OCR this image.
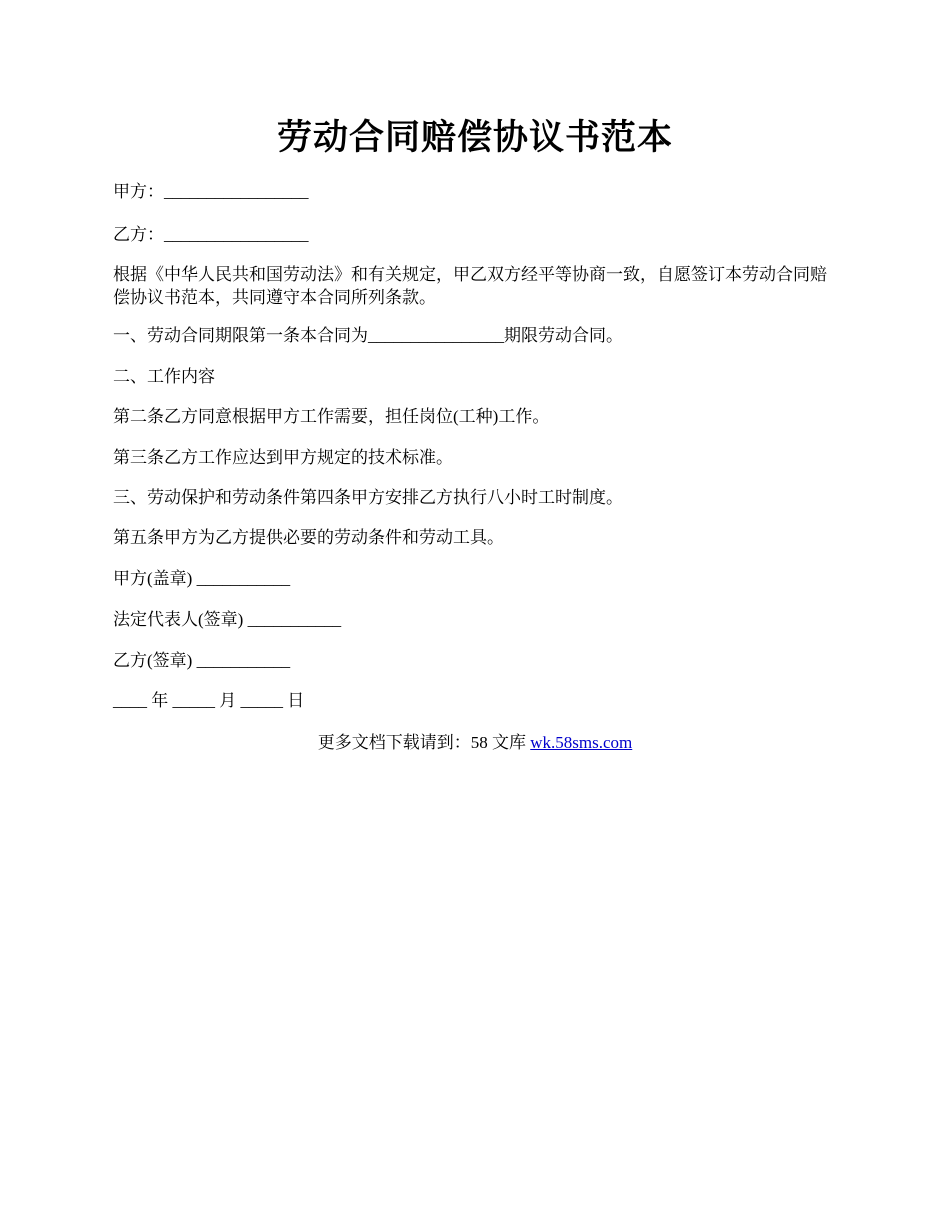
劳动合同赔偿协议书范本
甲方：_________________
乙方：_________________
根据《中华人民共和国劳动法》和有关规定，甲乙双方经平等协商一致，自愿签订本劳动合同赔偿协议书范本，共同遵守本合同所列条款。
一、劳动合同期限第一条本合同为________________期限劳动合同。
二、工作内容
第二条乙方同意根据甲方工作需要，担任岗位(工种)工作。
第三条乙方工作应达到甲方规定的技术标准。
三、劳动保护和劳动条件第四条甲方安排乙方执行八小时工时制度。
第五条甲方为乙方提供必要的劳动条件和劳动工具。
甲方(盖章) ___________
法定代表人(签章) ___________
乙方(签章) ___________
____ 年 _____ 月 _____ 日
更多文档下载请到：58 文库 wk.58sms.com
